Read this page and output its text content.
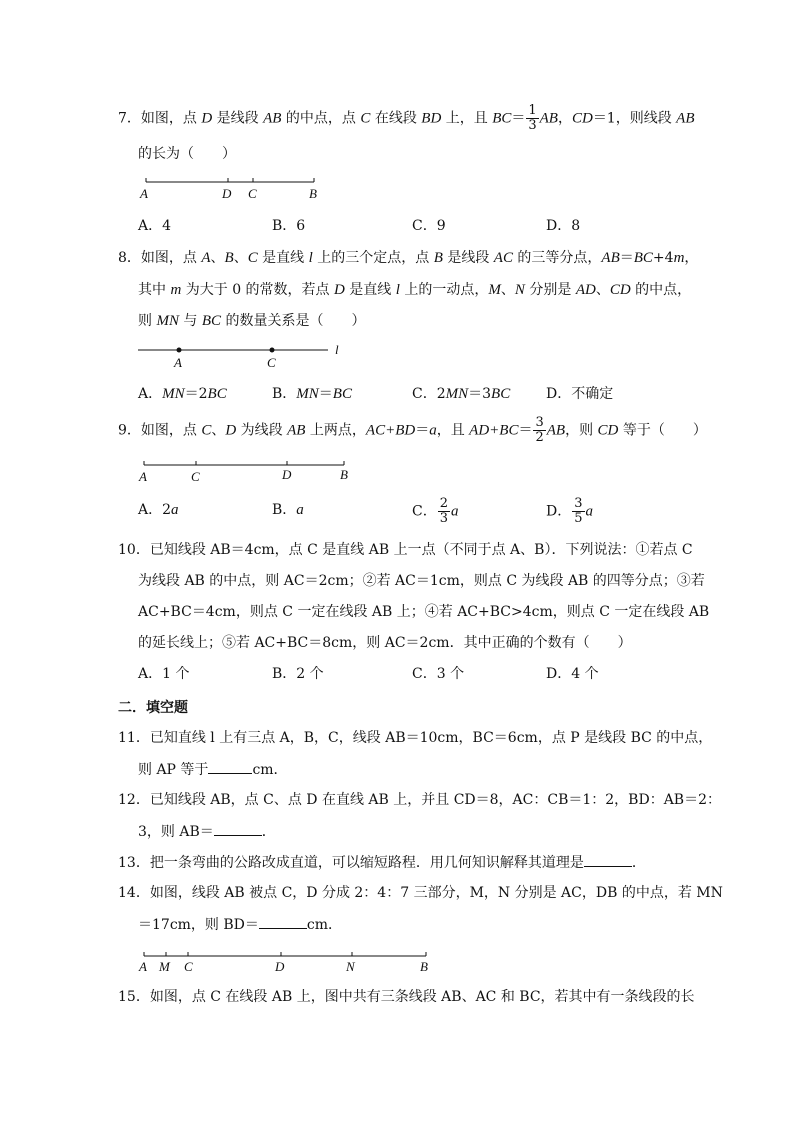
7．如图，点 D 是线段 AB 的中点，点 C 在线段 BD 上，且 $BC= \frac{1}{3}$ AB，CD＝1，则线段 AB
的长为（　　）
A	D C	B
A．4	B．6	C．9	D．8
8．如图，点 A、B、C 是直线 l 上的三个定点，点 B 是线段 AC 的三等分点，AB＝BC+4m，
其中 m 为大于 0 的常数，若点 D 是直线 l 上的一动点，M、N 分别是 AD、CD 的中点，
则 MN 与 BC 的数量关系是（　　）
A	C
l
A．MN＝2BC	B．MN＝BC	C．2MN＝3BC	D．不确定
9．如图，点 C、D 为线段 AB 上两点，AC+BD＝a，且 $AD+BC= \frac{3}{2}$ AB，则 CD 等于（　　）
A	C	D	B
A．2a	B．a	C． $\frac{2}{3}$ a	D． $\frac{3}{5}$ a
10．已知线段 AB＝4cm，点 C 是直线 AB 上一点（不同于点 A、B）．下列说法：①若点 C
为线段 AB 的中点，则 AC＝2cm；②若 AC＝1cm，则点 C 为线段 AB 的四等分点；③若
AC+BC＝4cm，则点 C 一定在线段 AB 上；④若 AC+BC>4cm，则点 C 一定在线段 AB
的延长线上；⑤若 AC+BC＝8cm，则 AC＝2cm．其中正确的个数有（　　）
A．1 个	B．2 个	C．3 个	D．4 个
二．填空题
11．已知直线 l 上有三点 A，B，C，线段 AB＝10cm，BC＝6cm，点 P 是线段 BC 的中点，
则 AP 等于	cm．
12．已知线段 AB，点 C、点 D 在直线 AB 上，并且 CD＝8，AC：CB＝1：2，BD：AB＝2：
3，则 AB＝	．
13．把一条弯曲的公路改成直道，可以缩短路程．用几何知识解释其道理是	．
14．如图，线段 AB 被点 C，D 分成 2：4：7 三部分，M，N 分别是 AC，DB 的中点，若 MN
＝17cm，则 BD＝	cm．
A M C	D	N	B
15．如图，点 C 在线段 AB 上，图中共有三条线段 AB、AC 和 BC，若其中有一条线段的长
